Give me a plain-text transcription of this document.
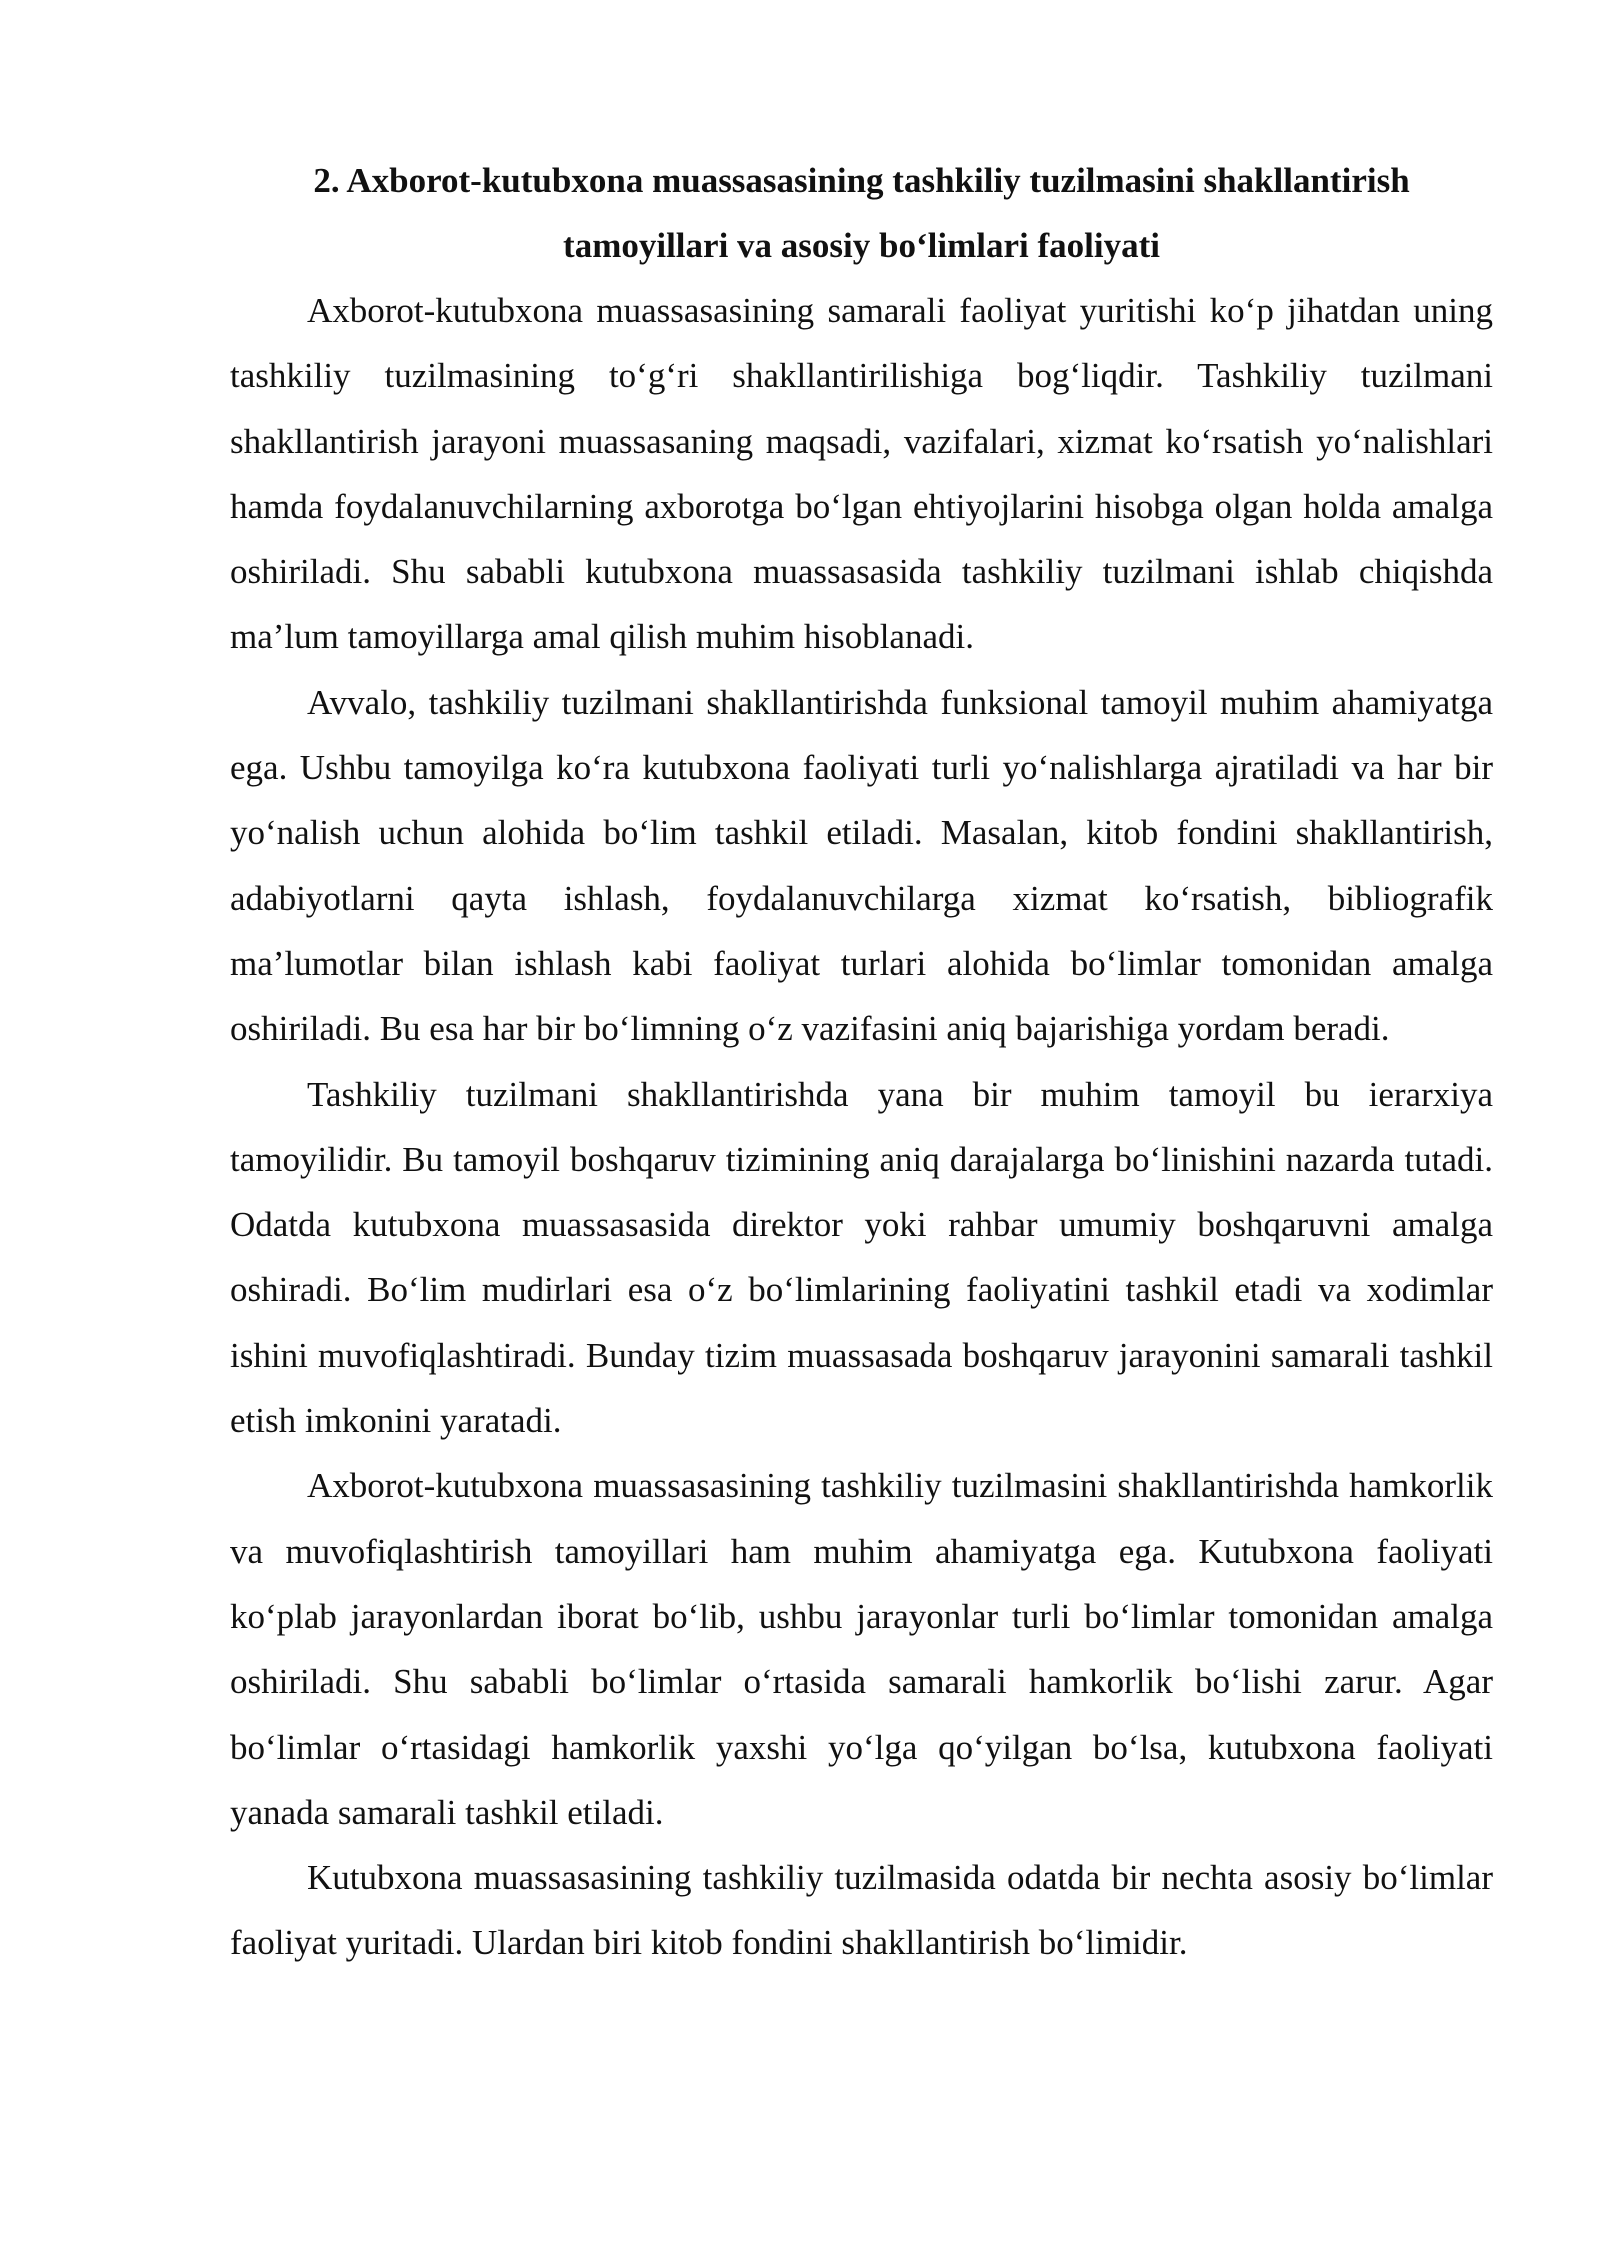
2. Axborot-kutubxona muassasasining tashkiliy tuzilmasini shakllantirish tamoyillari va asosiy bo‘limlari faoliyati

Axborot-kutubxona muassasasining samarali faoliyat yuritishi ko‘p jihatdan uning tashkiliy tuzilmasining to‘g‘ri shakllantirilishiga bog‘liqdir. Tashkiliy tuzilmani shakllantirish jarayoni muassasaning maqsadi, vazifalari, xizmat ko‘rsatish yo‘nalishlari hamda foydalanuvchilarning axborotga bo‘lgan ehtiyojlarini hisobga olgan holda amalga oshiriladi. Shu sababli kutubxona muassasasida tashkiliy tuzilmani ishlab chiqishda ma’lum tamoyillarga amal qilish muhim hisoblanadi.

Avvalo, tashkiliy tuzilmani shakllantirishda funksional tamoyil muhim ahamiyatga ega. Ushbu tamoyilga ko‘ra kutubxona faoliyati turli yo‘nalishlarga ajratiladi va har bir yo‘nalish uchun alohida bo‘lim tashkil etiladi. Masalan, kitob fondini shakllantirish, adabiyotlarni qayta ishlash, foydalanuvchilarga xizmat ko‘rsatish, bibliografik ma’lumotlar bilan ishlash kabi faoliyat turlari alohida bo‘limlar tomonidan amalga oshiriladi. Bu esa har bir bo‘limning o‘z vazifasini aniq bajarishiga yordam beradi.

Tashkiliy tuzilmani shakllantirishda yana bir muhim tamoyil bu ierarxiya tamoyilidir. Bu tamoyil boshqaruv tizimining aniq darajalarga bo‘linishini nazarda tutadi. Odatda kutubxona muassasasida direktor yoki rahbar umumiy boshqaruvni amalga oshiradi. Bo‘lim mudirlari esa o‘z bo‘limlarining faoliyatini tashkil etadi va xodimlar ishini muvofiqlashtiradi. Bunday tizim muassasada boshqaruv jarayonini samarali tashkil etish imkonini yaratadi.

Axborot-kutubxona muassasasining tashkiliy tuzilmasini shakllantirishda hamkorlik va muvofiqlashtirish tamoyillari ham muhim ahamiyatga ega. Kutubxona faoliyati ko‘plab jarayonlardan iborat bo‘lib, ushbu jarayonlar turli bo‘limlar tomonidan amalga oshiriladi. Shu sababli bo‘limlar o‘rtasida samarali hamkorlik bo‘lishi zarur. Agar bo‘limlar o‘rtasidagi hamkorlik yaxshi yo‘lga qo‘yilgan bo‘lsa, kutubxona faoliyati yanada samarali tashkil etiladi.

Kutubxona muassasasining tashkiliy tuzilmasida odatda bir nechta asosiy bo‘limlar faoliyat yuritadi. Ulardan biri kitob fondini shakllantirish bo‘limidir.
